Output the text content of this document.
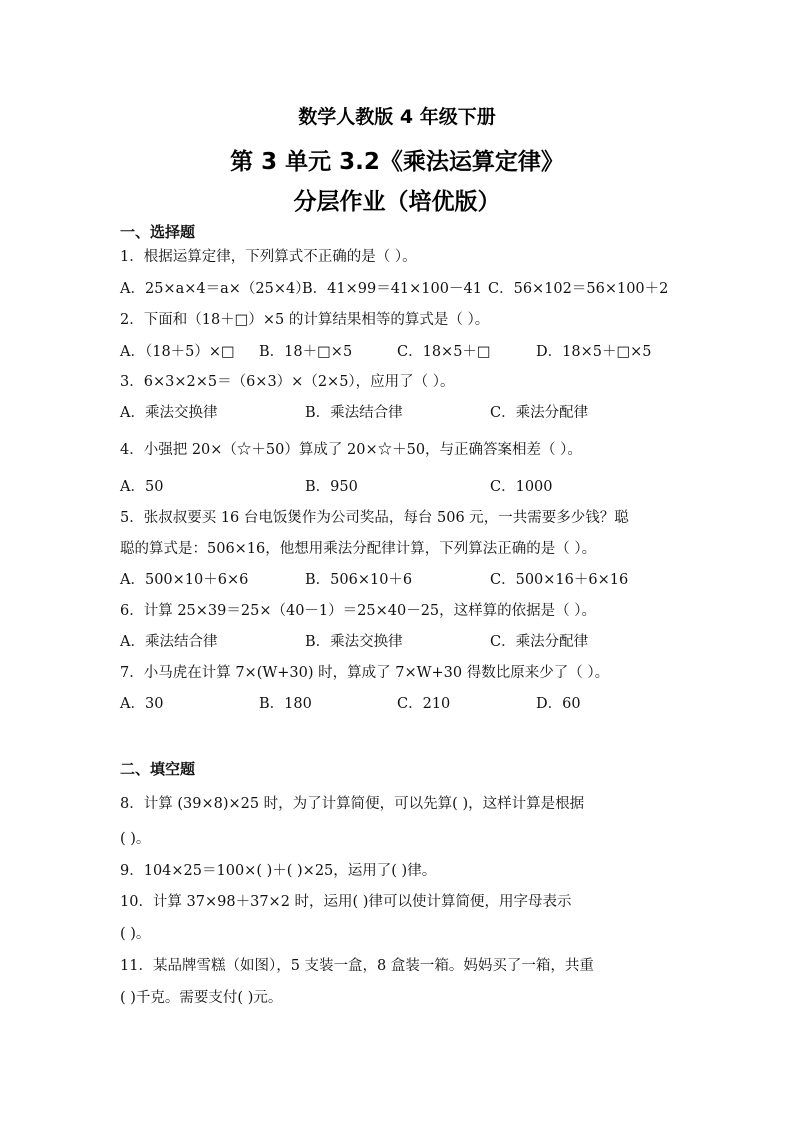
数学人教版 4 年级下册
第 3 单元 3.2《乘法运算定律》
分层作业（培优版）
一、选择题
1．根据运算定律，下列算式不正确的是（ ）。
A．25×a×4＝a×（25×4）
B．41×99＝41×100－41 C．56×102＝56×100＋2
2．下面和（18＋□）×5 的计算结果相等的算式是（ ）。
A．（18＋5）×□ B．18＋□×5	C．18×5＋□	D．18×5＋□×5
3．6×3×2×5＝（6×3）×（2×5），应用了（ ）。
A．乘法交换律	B．乘法结合律	C．乘法分配律
4．小强把 20×（☆＋50）算成了 20×☆＋50，与正确答案相差（ ）。
A．50	B．950	C．1000
5．张叔叔要买 16 台电饭煲作为公司奖品，每台 506 元，一共需要多少钱？聪
聪的算式是：506×16，他想用乘法分配律计算，下列算法正确的是（ ）。
A．500×10＋6×6	B．506×10＋6	C．500×16＋6×16
6．计算 25×39＝25×（40－1）＝25×40－25，这样算的依据是（ ）。
A．乘法结合律	B．乘法交换律	C．乘法分配律
7．小马虎在计算 7×(W+30) 时，算成了 7×W+30 得数比原来少了（ ）。
A．30	B．180	C．210	D．60
二、填空题
8．计算 (39×8)×25 时，为了计算简便，可以先算( )，这样计算是根据
( )。
9．104×25＝100×( )＋( )×25，运用了( )律。
10．计算 37×98＋37×2 时，运用( )律可以使计算简便，用字母表示
( )。
11．某品牌雪糕（如图），5 支装一盒，8 盒装一箱。妈妈买了一箱，共重
( )千克。需要支付( )元。
